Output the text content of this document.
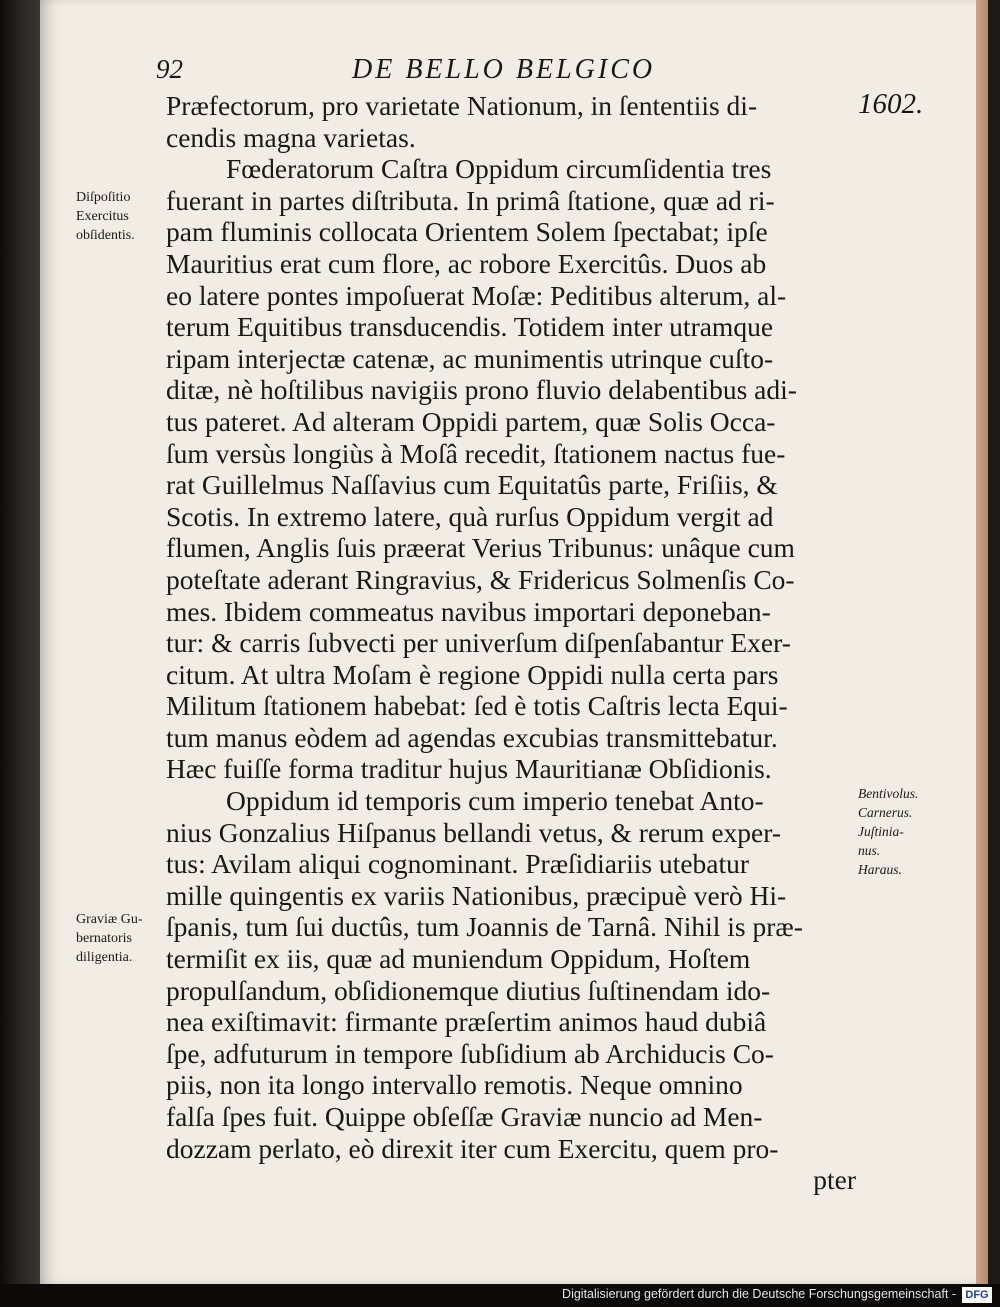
92	DE BELLO BELGICO
1602.
Præfectorum, pro varietate Nationum, in ſententiis di-
cendis magna varietas.
Fœderatorum Caſtra Oppidum circumſidentia tres
fuerant in partes diſtributa. In primâ ſtatione, quæ ad ri-
pam fluminis collocata Orientem Solem ſpectabat; ipſe
Mauritius erat cum flore, ac robore Exercitûs. Duos ab
eo latere pontes impoſuerat Moſæ: Peditibus alterum, al-
terum Equitibus transducendis. Totidem inter utramque
ripam interjectæ catenæ, ac munimentis utrinque cuſto-
ditæ, nè hoſtilibus navigiis prono fluvio delabentibus adi-
tus pateret. Ad alteram Oppidi partem, quæ Solis Occa-
ſum versùs longiùs à Moſâ recedit, ſtationem nactus fue-
rat Guillelmus Naſſavius cum Equitatûs parte, Friſiis, &
Scotis. In extremo latere, quà rurſus Oppidum vergit ad
flumen, Anglis ſuis præerat Verius Tribunus: unâque cum
poteſtate aderant Ringravius, & Fridericus Solmenſis Co-
mes. Ibidem commeatus navibus importari deponeban-
tur: & carris ſubvecti per univerſum diſpenſabantur Exer-
citum. At ultra Moſam è regione Oppidi nulla certa pars
Militum ſtationem habebat: ſed è totis Caſtris lecta Equi-
tum manus eòdem ad agendas excubias transmittebatur.
Hæc fuiſſe forma traditur hujus Mauritianæ Obſidionis.
Oppidum id temporis cum imperio tenebat Anto-
nius Gonzalius Hiſpanus bellandi vetus, & rerum exper-
tus: Avilam aliqui cognominant. Præſidiariis utebatur
mille quingentis ex variis Nationibus, præcipuè verò Hi-
ſpanis, tum ſui ductûs, tum Joannis de Tarnâ. Nihil is præ-
termiſit ex iis, quæ ad muniendum Oppidum, Hoſtem
propulſandum, obſidionemque diutius ſuſtinendam ido-
nea exiſtimavit: firmante præſertim animos haud dubiâ
ſpe, adfuturum in tempore ſubſidium ab Archiducis Co-
piis, non ita longo intervallo remotis. Neque omnino
falſa ſpes fuit. Quippe obſeſſæ Graviæ nuncio ad Men-
dozzam perlato, eò direxit iter cum Exercitu, quem pro-
pter
Diſpoſitio
Exercitus
obſidentis.
Graviæ Gu-
bernatoris
diligentia.
Bentivolus.
Carnerus.
Juſtinia-
nus.
Haraus.
Digitalisierung gefördert durch die Deutsche Forschungsgemeinschaft - DFG
